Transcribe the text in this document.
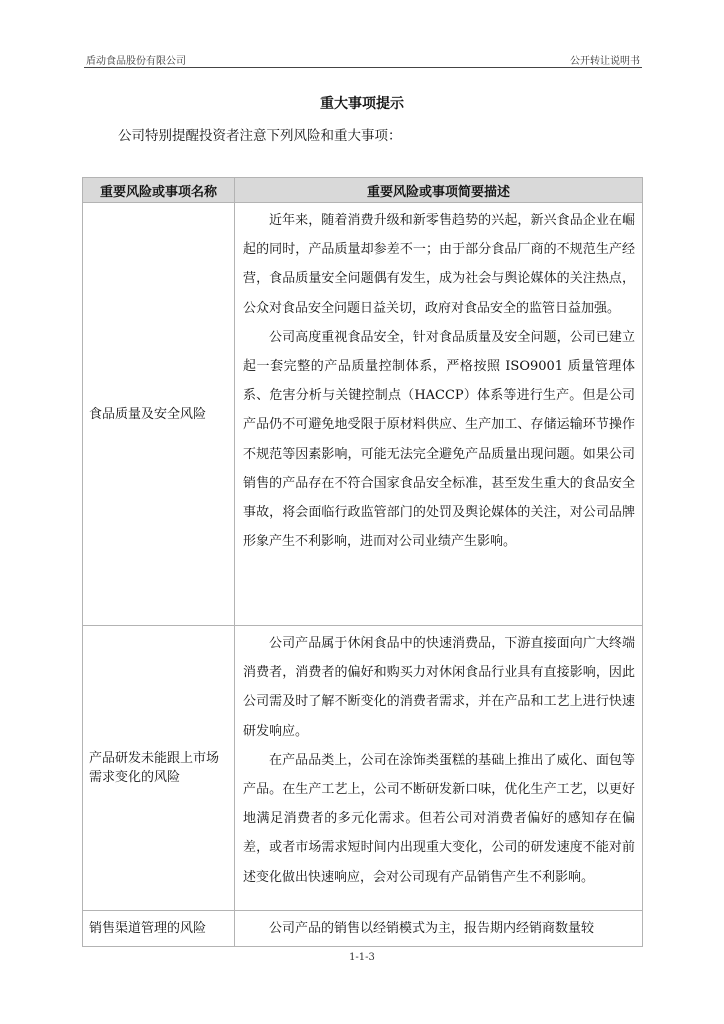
盾动食品股份有限公司	公开转让说明书
重大事项提示
公司特别提醒投资者注意下列风险和重大事项：
重要风险或事项名称	重要风险或事项简要描述
食品质量及安全风险	近年来，随着消费升级和新零售趋势的兴起，新兴食品企业在崛起的同时，产品质量却参差不一；由于部分食品厂商的不规范生产经营，食品质量安全问题偶有发生，成为社会与舆论媒体的关注热点，公众对食品安全问题日益关切，政府对食品安全的监管日益加强。

公司高度重视食品安全，针对食品质量及安全问题，公司已建立起一套完整的产品质量控制体系，严格按照 ISO9001 质量管理体系、危害分析与关键控制点（HACCP）体系等进行生产。但是公司产品仍不可避免地受限于原材料供应、生产加工、存储运输环节操作不规范等因素影响，可能无法完全避免产品质量出现问题。如果公司销售的产品存在不符合国家食品安全标准，甚至发生重大的食品安全事故，将会面临行政监管部门的处罚及舆论媒体的关注，对公司品牌形象产生不利影响，进而对公司业绩产生影响。

产品研发未能跟上市场需求变化的风险	公司产品属于休闲食品中的快速消费品，下游直接面向广大终端消费者，消费者的偏好和购买力对休闲食品行业具有直接影响，因此公司需及时了解不断变化的消费者需求，并在产品和工艺上进行快速研发响应。

在产品品类上，公司在涂饰类蛋糕的基础上推出了威化、面包等产品。在生产工艺上，公司不断研发新口味，优化生产工艺，以更好地满足消费者的多元化需求。但若公司对消费者偏好的感知存在偏差，或者市场需求短时间内出现重大变化，公司的研发速度不能对前述变化做出快速响应，会对公司现有产品销售产生不利影响。

销售渠道管理的风险	公司产品的销售以经销模式为主，报告期内经销商数量较

1-1-3
